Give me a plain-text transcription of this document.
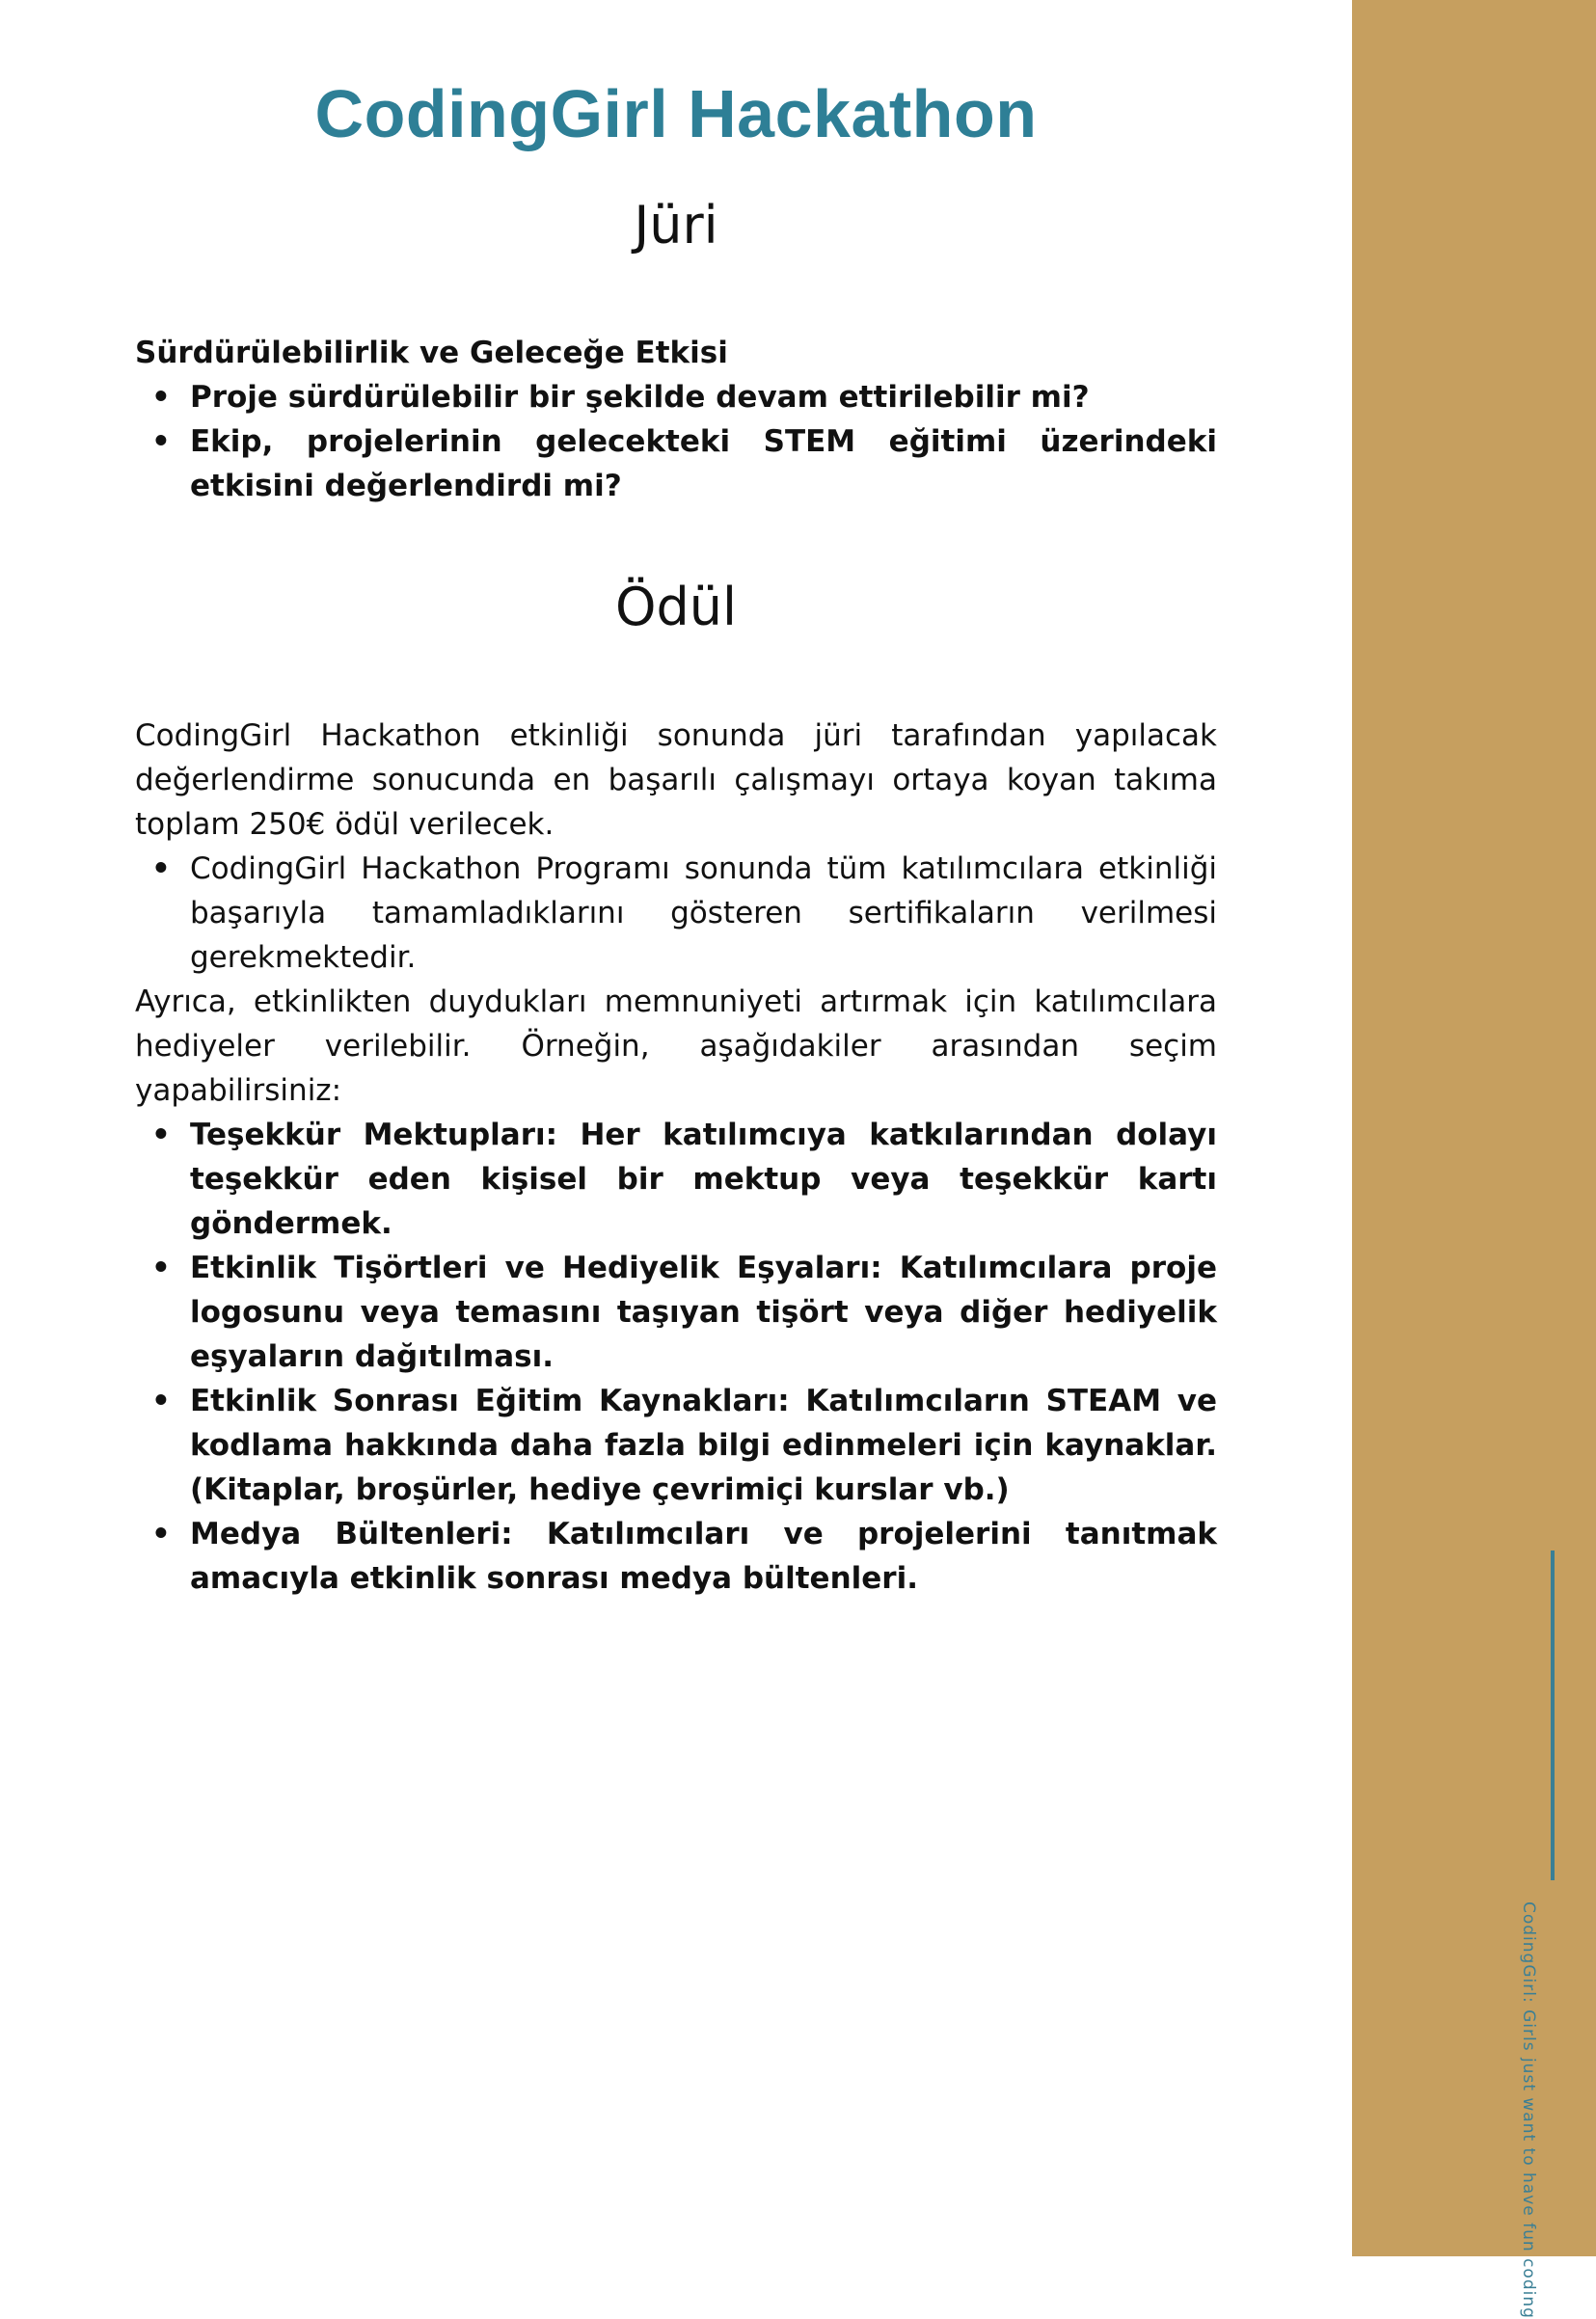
CodingGirl Hackathon
Jüri
Sürdürülebilirlik ve Geleceğe Etkisi
• Proje sürdürülebilir bir şekilde devam ettirilebilir mi?
• Ekip, projelerinin gelecekteki STEM eğitimi üzerindeki etkisini değerlendirdi mi?
Ödül

CodingGirl Hackathon etkinliği sonunda jüri tarafından yapılacak değerlendirme sonucunda en başarılı çalışmayı ortaya koyan takıma toplam 250€ ödül verilecek.

• CodingGirl Hackathon Programı sonunda tüm katılımcılara etkinliği başarıyla tamamladıklarını gösteren sertifikaların verilmesi gerekmektedir.

Ayrıca, etkinlikten duydukları memnuniyeti artırmak için katılımcılara hediyeler verilebilir. Örneğin, aşağıdakiler arasından seçim yapabilirsiniz:

• Teşekkür Mektupları: Her katılımcıya katkılarından dolayı teşekkür eden kişisel bir mektup veya teşekkür kartı göndermek.
• Etkinlik Tişörtleri ve Hediyelik Eşyaları: Katılımcılara proje logosunu veya temasını taşıyan tişört veya diğer hediyelik eşyaların dağıtılması.
• Etkinlik Sonrası Eğitim Kaynakları: Katılımcıların STEAM ve kodlama hakkında daha fazla bilgi edinmeleri için kaynaklar. (Kitaplar, broşürler, hediye çevrimiçi kurslar vb.)
• Medya Bültenleri: Katılımcıları ve projelerini tanıtmak amacıyla etkinlik sonrası medya bültenleri.
CodingGirl: Girls just want to have fun coding
